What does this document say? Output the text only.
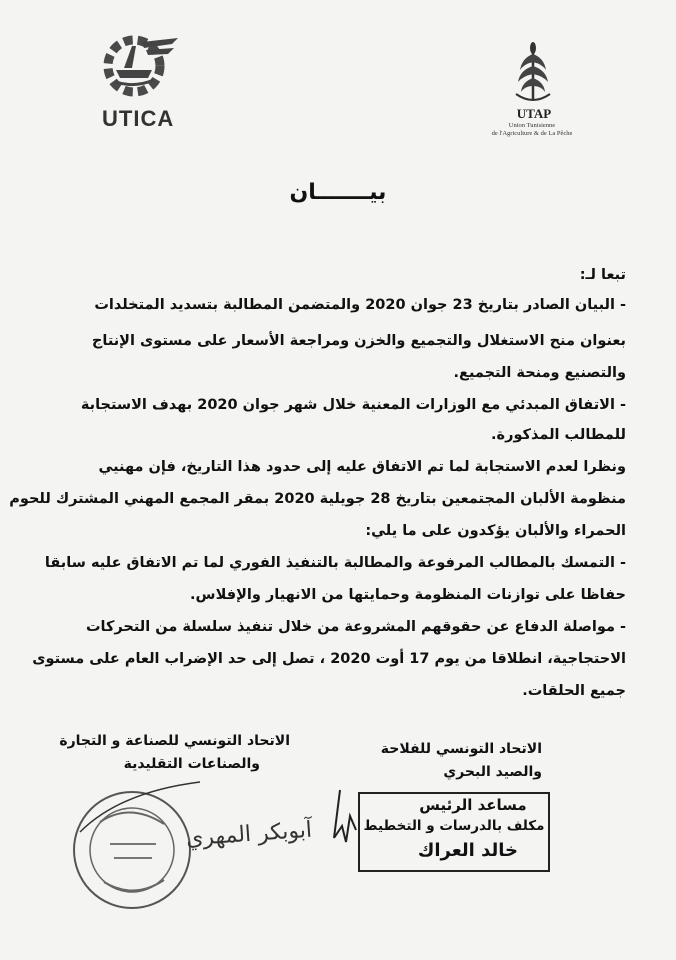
UTICA	UTAP
Union Tunisienne
de l'Agriculture & de La Pêche
بيـــــــان
تبعا لـ:
- البيان الصادر بتاريخ 23 جوان 2020 والمتضمن المطالبة بتسديد المتخلدات
بعنوان منح الاستغلال والتجميع والخزن ومراجعة الأسعار على مستوى الإنتاج
والتصنيع ومنحة التجميع.
- الاتفاق المبدئي مع الوزارات المعنية خلال شهر جوان 2020 بهدف الاستجابة
للمطالب المذكورة.
ونظرا لعدم الاستجابة لما تم الاتفاق عليه إلى حدود هذا التاريخ، فإن مهنيي
منظومة الألبان المجتمعين بتاريخ 28 جويلية 2020 بمقر المجمع المهني المشترك للحوم
الحمراء والألبان يؤكدون على ما يلي:
- التمسك بالمطالب المرفوعة والمطالبة بالتنفيذ الفوري لما تم الاتفاق عليه سابقا
حفاظا على توازنات المنظومة وحمايتها من الانهيار والإفلاس.
- مواصلة الدفاع عن حقوقهم المشروعة من خلال تنفيذ سلسلة من التحركات
الاحتجاجية، انطلاقا من يوم 17 أوت 2020 ، تصل إلى حد الإضراب العام على مستوى
جميع الحلقات.
الاتحاد التونسي للفلاحة
والصيد البحري
الاتحاد التونسي للصناعة و التجارة
والصناعات التقليدية
مساعد الرئيس
مكلف بالدرسات و التخطيط
خالد العراك
آبوبكر المهري
